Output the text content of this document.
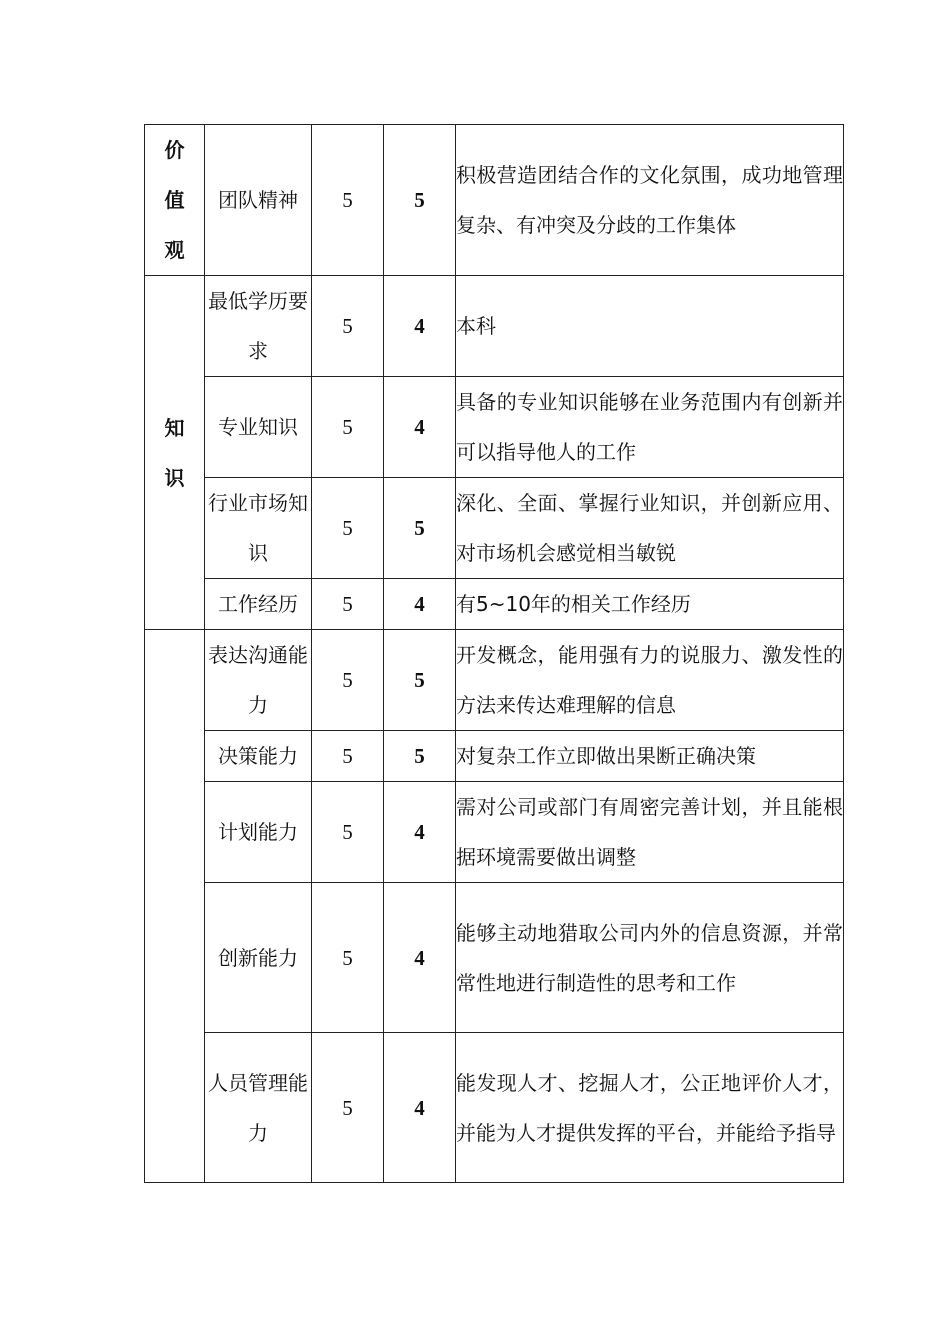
价值观	团队精神	5	5	积极营造团结合作的文化氛围，成功地管理复杂、有冲突及分歧的工作集体

知识	最低学历要求	5	4	本科

	专业知识	5	4	具备的专业知识能够在业务范围内有创新并可以指导他人的工作

	行业市场知识	5	5	深化、全面、掌握行业知识，并创新应用、对市场机会感觉相当敏锐

	工作经历	5	4	有5~10年的相关工作经历

	表达沟通能力	5	5	开发概念，能用强有力的说服力、激发性的方法来传达难理解的信息

	决策能力	5	5	对复杂工作立即做出果断正确决策

	计划能力	5	4	需对公司或部门有周密完善计划，并且能根据环境需要做出调整

	创新能力	5	4	能够主动地猎取公司内外的信息资源，并常常性地进行制造性的思考和工作

	人员管理能力	5	4	能发现人才、挖掘人才，公正地评价人才，并能为人才提供发挥的平台，并能给予指导
